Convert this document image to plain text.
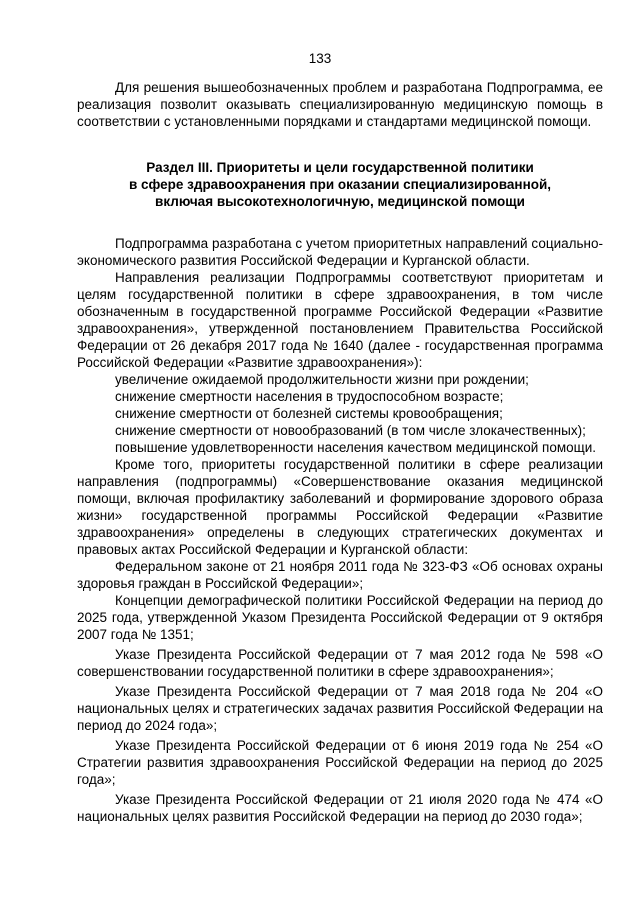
133

Для решения вышеобозначенных проблем и разработана Подпрограмма, ее реализация позволит оказывать специализированную медицинскую помощь в соответствии с установленными порядками и стандартами медицинской помощи.

Раздел III. Приоритеты и цели государственной политики
в сфере здравоохранения при оказании специализированной,
включая высокотехнологичную, медицинской помощи

Подпрограмма разработана с учетом приоритетных направлений социально-экономического развития Российской Федерации и Курганской области.

Направления реализации Подпрограммы соответствуют приоритетам и целям государственной политики в сфере здравоохранения, в том числе обозначенным в государственной программе Российской Федерации «Развитие здравоохранения», утвержденной постановлением Правительства Российской Федерации от 26 декабря 2017 года № 1640 (далее - государственная программа Российской Федерации «Развитие здравоохранения»):

увеличение ожидаемой продолжительности жизни при рождении;

снижение смертности населения в трудоспособном возрасте;

снижение смертности от болезней системы кровообращения;

снижение смертности от новообразований (в том числе злокачественных);

повышение удовлетворенности населения качеством медицинской помощи.

Кроме того, приоритеты государственной политики в сфере реализации направления (подпрограммы) «Совершенствование оказания медицинской помощи, включая профилактику заболеваний и формирование здорового образа жизни» государственной программы Российской Федерации «Развитие здравоохранения» определены в следующих стратегических документах и правовых актах Российской Федерации и Курганской области:

Федеральном законе от 21 ноября 2011 года № 323-ФЗ «Об основах охраны здоровья граждан в Российской Федерации»;

Концепции демографической политики Российской Федерации на период до 2025 года, утвержденной Указом Президента Российской Федерации от 9 октября 2007 года № 1351;

Указе Президента Российской Федерации от 7 мая 2012 года № 598 «О совершенствовании государственной политики в сфере здравоохранения»;

Указе Президента Российской Федерации от 7 мая 2018 года № 204 «О национальных целях и стратегических задачах развития Российской Федерации на период до 2024 года»;

Указе Президента Российской Федерации от 6 июня 2019 года № 254 «О Стратегии развития здравоохранения Российской Федерации на период до 2025 года»;

Указе Президента Российской Федерации от 21 июля 2020 года № 474 «О национальных целях развития Российской Федерации на период до 2030 года»;
